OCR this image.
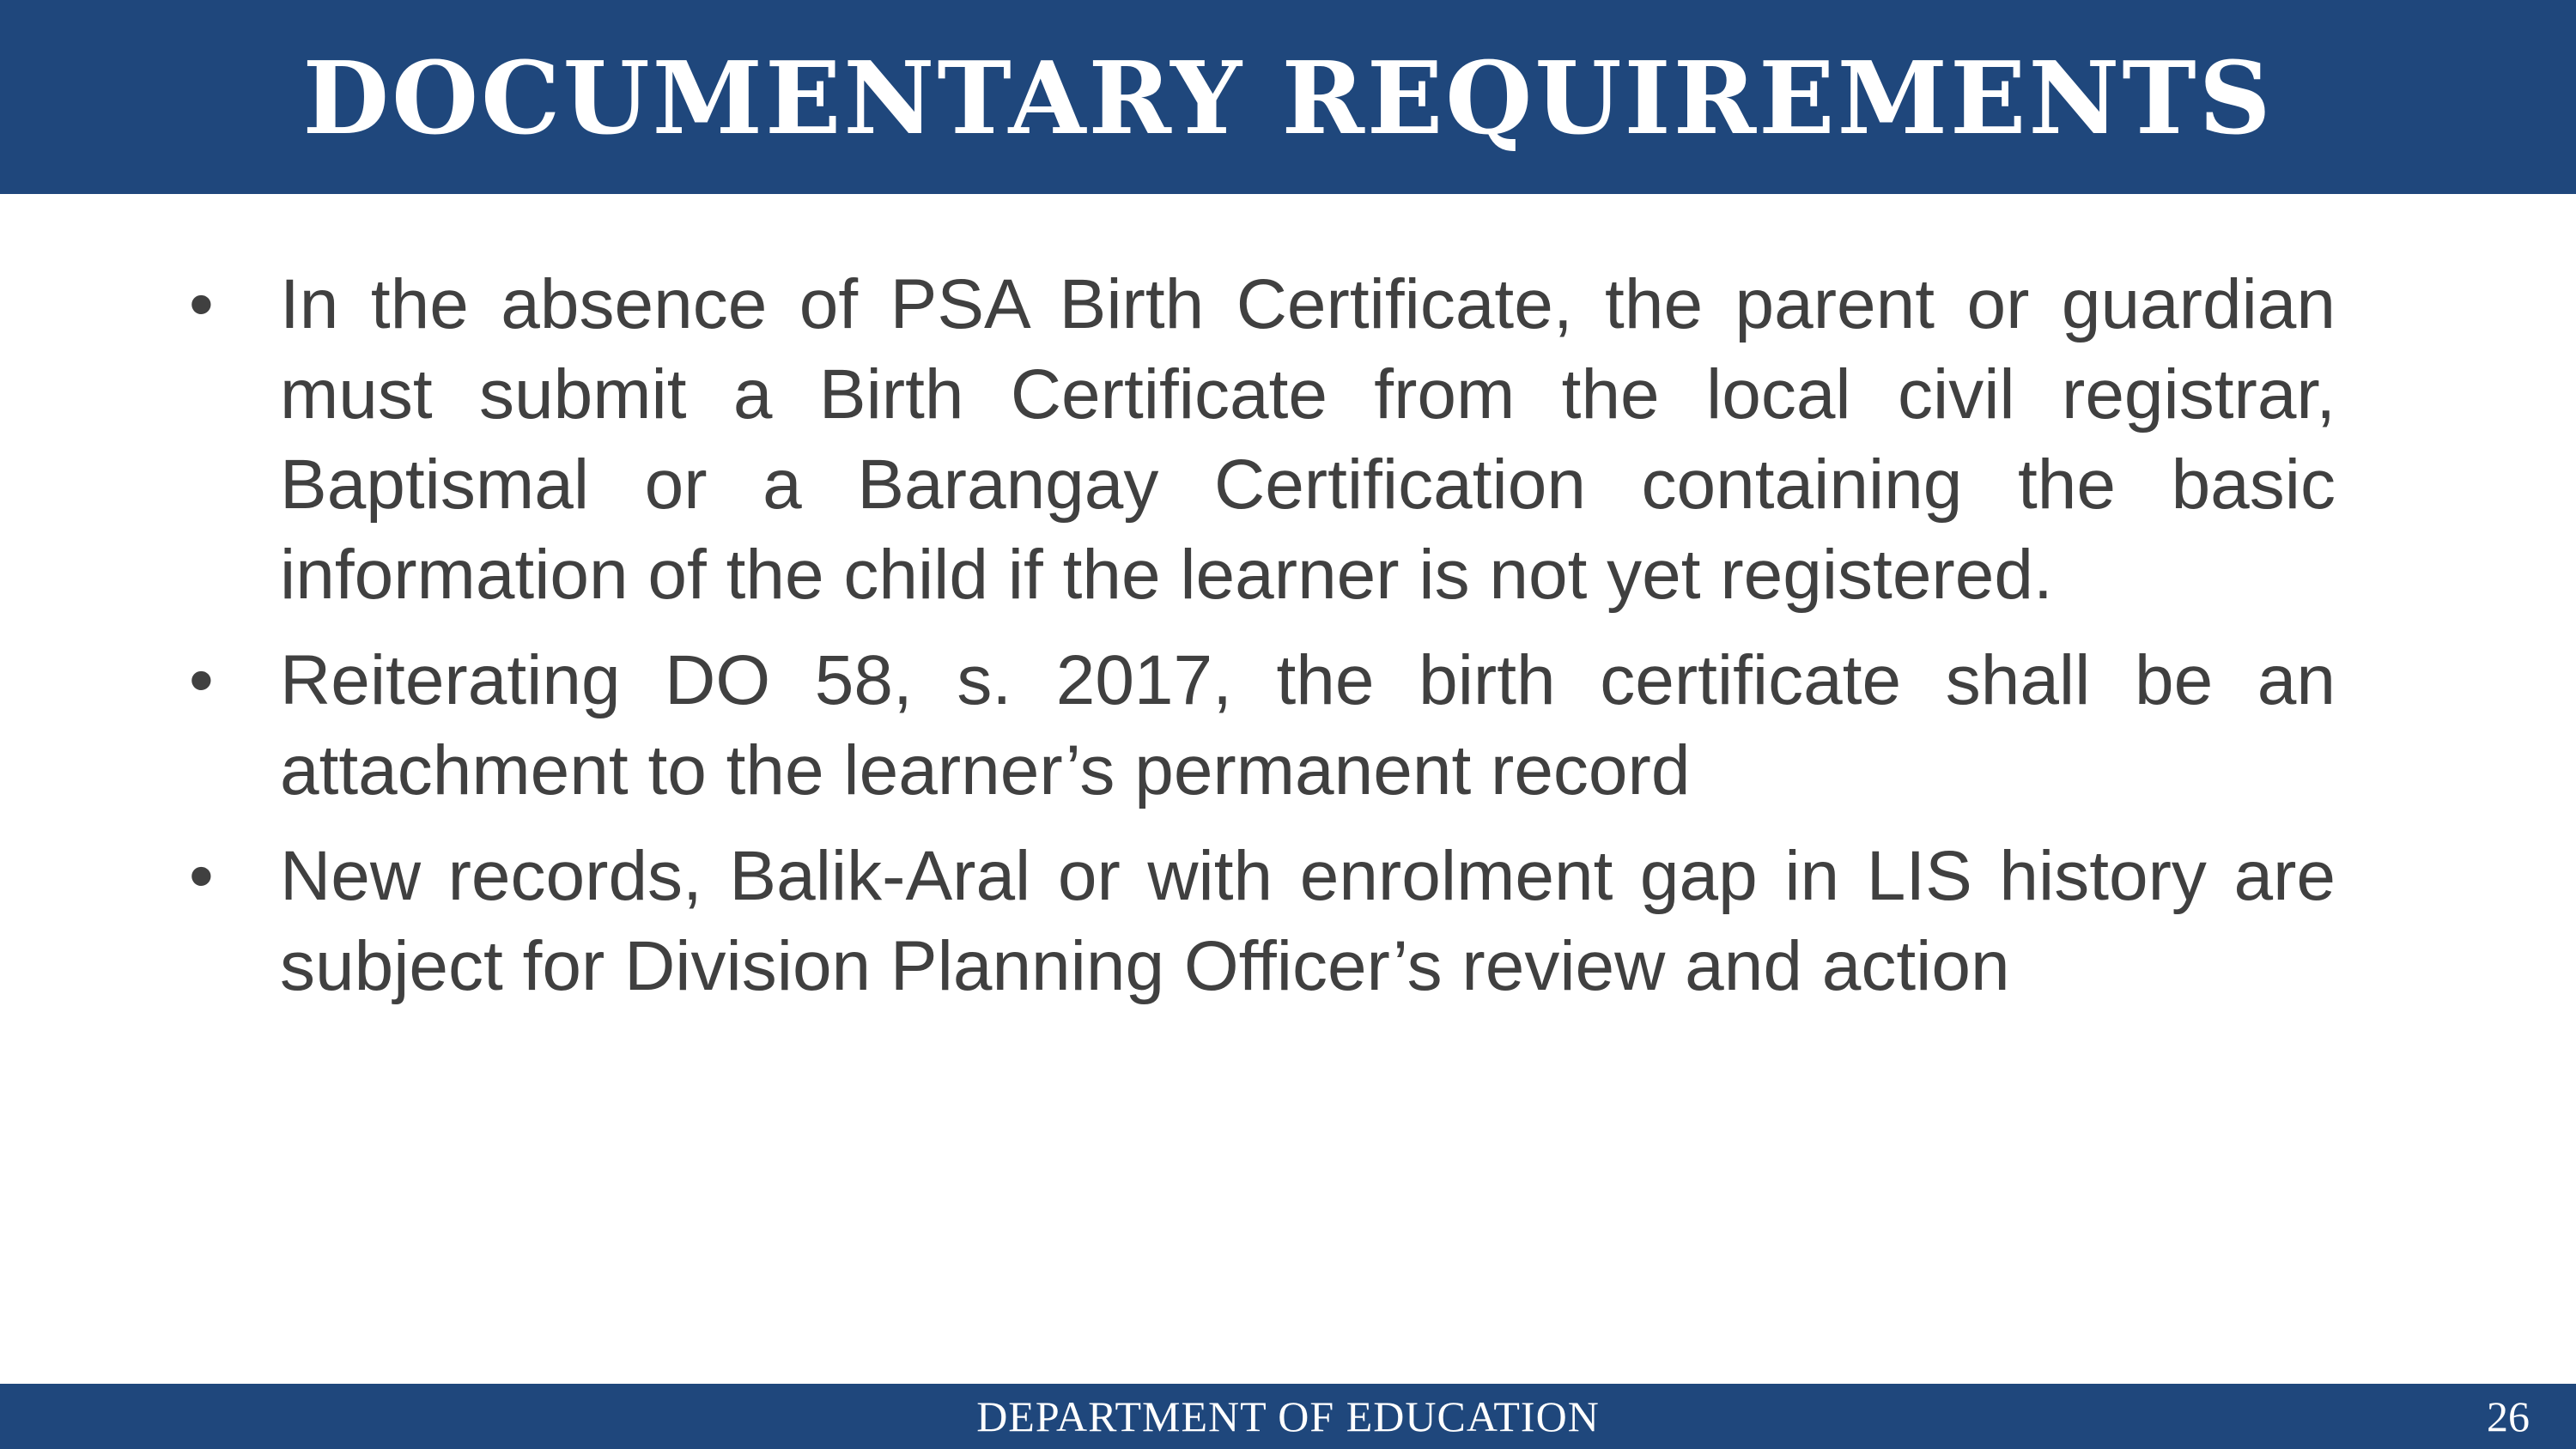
DOCUMENTARY REQUIREMENTS
• In the absence of PSA Birth Certificate, the parent or guardian must submit a Birth Certificate from the local civil registrar, Baptismal or a Barangay Certification containing the basic information of the child if the learner is not yet registered.
• Reiterating DO 58, s. 2017, the birth certificate shall be an attachment to the learner’s permanent record
• New records, Balik-Aral or with enrolment gap in LIS history are subject for Division Planning Officer’s review and action
DEPARTMENT OF EDUCATION	26
